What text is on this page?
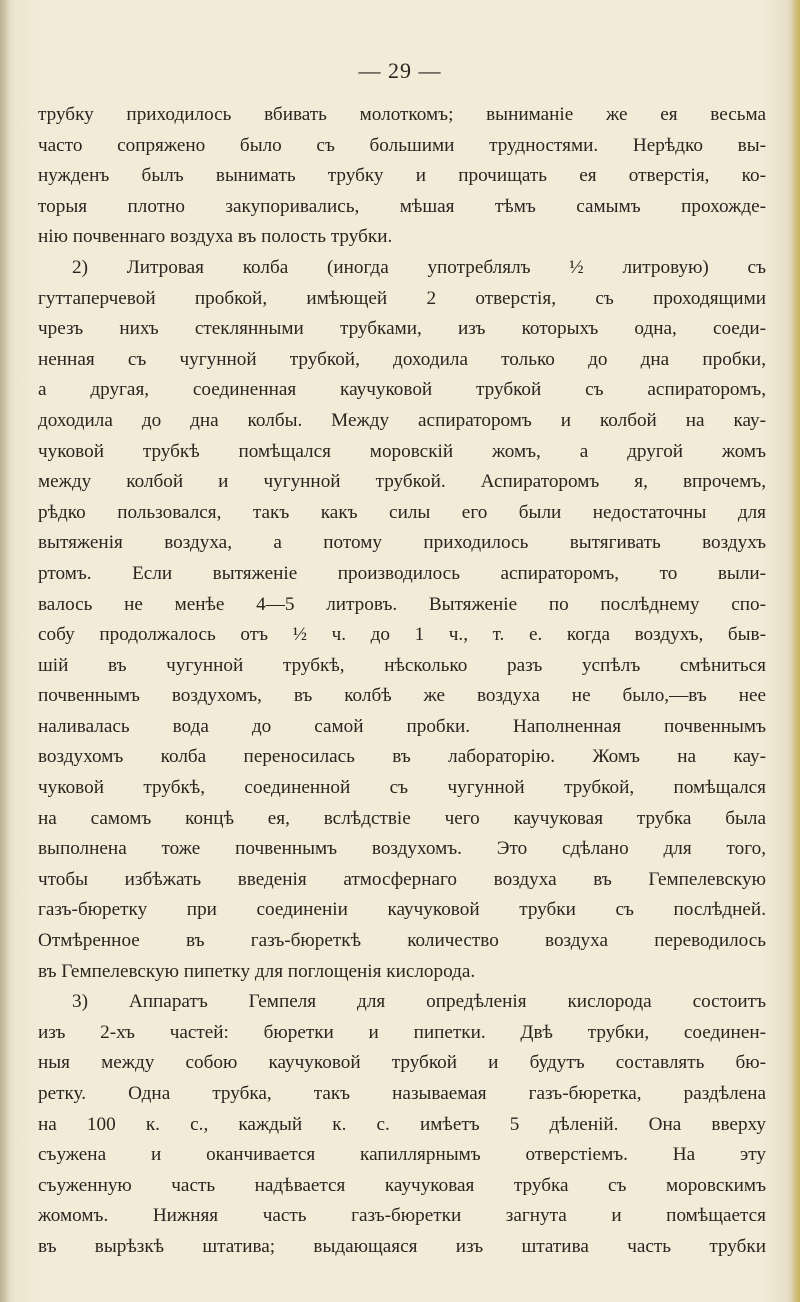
— 29 —
трубку приходилось вбивать молоткомъ; выниманіе же ея весьма
часто сопряжено было съ большими трудностями. Нерѣдко вы-
нужденъ былъ вынимать трубку и прочищать ея отверстія, ко-
торыя плотно закупоривались, мѣшая тѣмъ самымъ прохожде-
нію почвеннаго воздуха въ полость трубки.
2) Литровая колба (иногда употреблялъ ½ литровую) съ
гуттаперчевой пробкой, имѣющей 2 отверстія, съ проходящими
чрезъ нихъ стеклянными трубками, изъ которыхъ одна, соеди-
ненная съ чугунной трубкой, доходила только до дна пробки,
а другая, соединенная каучуковой трубкой съ аспираторомъ,
доходила до дна колбы. Между аспираторомъ и колбой на кау-
чуковой трубкѣ помѣщался моровскій жомъ, а другой жомъ
между колбой и чугунной трубкой. Аспираторомъ я, впрочемъ,
рѣдко пользовался, такъ какъ силы его были недостаточны для
вытяженія воздуха, а потому приходилось вытягивать воздухъ
ртомъ. Если вытяженіе производилось аспираторомъ, то выли-
валось не менѣе 4—5 литровъ. Вытяженіе по послѣднему спо-
собу продолжалось отъ ½ ч. до 1 ч., т. е. когда воздухъ, быв-
шій въ чугунной трубкѣ, нѣсколько разъ успѣлъ смѣниться
почвеннымъ воздухомъ, въ колбѣ же воздуха не было,—въ нее
наливалась вода до самой пробки. Наполненная почвеннымъ
воздухомъ колба переносилась въ лабораторію. Жомъ на кау-
чуковой трубкѣ, соединенной съ чугунной трубкой, помѣщался
на самомъ концѣ ея, вслѣдствіе чего каучуковая трубка была
выполнена тоже почвеннымъ воздухомъ. Это сдѣлано для того,
чтобы избѣжать введенія атмосфернаго воздуха въ Гемпелевскую
газъ-бюретку при соединеніи каучуковой трубки съ послѣдней.
Отмѣренное въ газъ-бюреткѣ количество воздуха переводилось
въ Гемпелевскую пипетку для поглощенія кислорода.
3) Аппаратъ Гемпеля для опредѣленія кислорода состоитъ
изъ 2-хъ частей: бюретки и пипетки. Двѣ трубки, соединен-
ныя между собою каучуковой трубкой и будутъ составлять бю-
ретку. Одна трубка, такъ называемая газъ-бюретка, раздѣлена
на 100 к. с., каждый к. с. имѣетъ 5 дѣленій. Она вверху
съужена и оканчивается капиллярнымъ отверстіемъ. На эту
съуженную часть надѣвается каучуковая трубка съ моровскимъ
жомомъ. Нижняя часть газъ-бюретки загнута и помѣщается
въ вырѣзкѣ штатива; выдающаяся изъ штатива часть трубки
